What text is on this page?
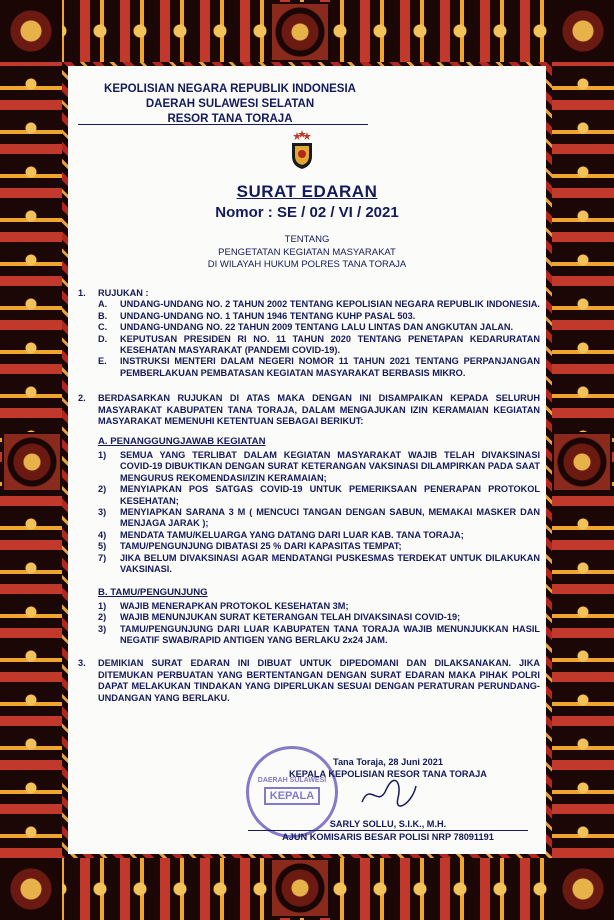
KEPOLISIAN NEGARA REPUBLIK INDONESIA
DAERAH SULAWESI SELATAN
RESOR TANA TORAJA
SURAT EDARAN
Nomor : SE / 02 / VI / 2021
TENTANG
PENGETATAN KEGIATAN MASYARAKAT
DI WILAYAH HUKUM POLRES TANA TORAJA
1.	RUJUKAN :
A.	UNDANG-UNDANG NO. 2 TAHUN 2002 TENTANG KEPOLISIAN NEGARA REPUBLIK INDONESIA.
B.	UNDANG-UNDANG NO. 1 TAHUN 1946 TENTANG KUHP PASAL 503.
C.	UNDANG-UNDANG NO. 22 TAHUN 2009 TENTANG LALU LINTAS DAN ANGKUTAN JALAN.
D.	KEPUTUSAN PRESIDEN RI NO. 11 TAHUN 2020 TENTANG PENETAPAN KEDARURATAN KESEHATAN MASYARAKAT (PANDEMI COVID-19).
E.	INSTRUKSI MENTERI DALAM NEGERI NOMOR 11 TAHUN 2021 TENTANG PERPANJANGAN PEMBERLAKUAN PEMBATASAN KEGIATAN MASYARAKAT BERBASIS MIKRO.
2.	BERDASARKAN RUJUKAN DI ATAS MAKA DENGAN INI DISAMPAIKAN KEPADA SELURUH MASYARAKAT KABUPATEN TANA TORAJA, DALAM MENGAJUKAN IZIN KERAMAIAN KEGIATAN MASYARAKAT MEMENUHI KETENTUAN SEBAGAI BERIKUT:
A. PENANGGUNGJAWAB KEGIATAN
1)	SEMUA YANG TERLIBAT DALAM KEGIATAN MASYARAKAT WAJIB TELAH DIVAKSINASI COVID-19 DIBUKTIKAN DENGAN SURAT KETERANGAN VAKSINASI DILAMPIRKAN PADA SAAT MENGURUS REKOMENDASI/IZIN KERAMAIAN;
2)	MENYIAPKAN POS SATGAS COVID-19 UNTUK PEMERIKSAAN PENERAPAN PROTOKOL KESEHATAN;
3)	MENYIAPKAN SARANA 3 M ( MENCUCI TANGAN DENGAN SABUN, MEMAKAI MASKER DAN MENJAGA JARAK );
4)	MENDATA TAMU/KELUARGA YANG DATANG DARI LUAR KAB. TANA TORAJA;
5)	TAMU/PENGUNJUNG DIBATASI 25 % DARI KAPASITAS TEMPAT;
7)	JIKA BELUM DIVAKSINASI AGAR MENDATANGI PUSKESMAS TERDEKAT UNTUK DILAKUKAN VAKSINASI.
B. TAMU/PENGUNJUNG
1)	WAJIB MENERAPKAN PROTOKOL KESEHATAN 3M;
2)	WAJIB MENUNJUKAN SURAT KETERANGAN TELAH DIVAKSINASI COVID-19;
3)	TAMU/PENGUNJUNG DARI LUAR KABUPATEN TANA TORAJA WAJIB MENUNJUKKAN HASIL NEGATIF SWAB/RAPID ANTIGEN YANG BERLAKU 2x24 JAM.
3.	DEMIKIAN SURAT EDARAN INI DIBUAT UNTUK DIPEDOMANI DAN DILAKSANAKAN. JIKA DITEMUKAN PERBUATAN YANG BERTENTANGAN DENGAN SURAT EDARAN MAKA PIHAK POLRI DAPAT MELAKUKAN TINDAKAN YANG DIPERLUKAN SESUAI DENGAN PERATURAN PERUNDANG-UNDANGAN YANG BERLAKU.
DAERAH SULAWESI
KEPALA
Tana Toraja, 28 Juni 2021
KEPALA KEPOLISIAN RESOR TANA TORAJA
SARLY SOLLU, S.I.K., M.H.
AJUN KOMISARIS BESAR POLISI NRP 78091191
